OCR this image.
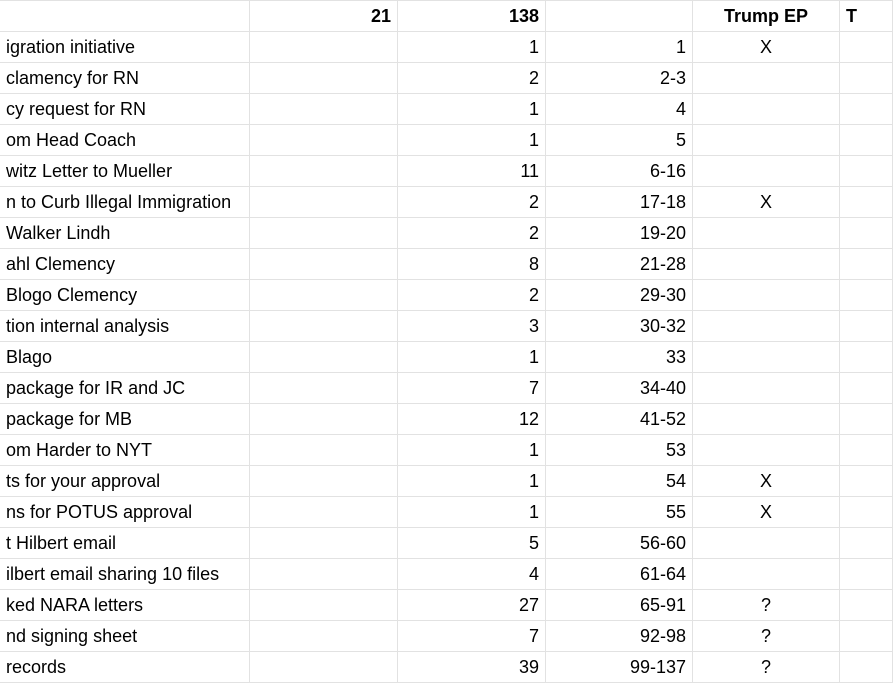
	21	138		Trump EP	T
igration initiative		1	1	X	
clamency for RN		2	2-3		
cy request for RN		1	4		
om Head Coach		1	5		
witz Letter to Mueller		11	6-16		
n to Curb Illegal Immigration		2	17-18	X	
Walker Lindh		2	19-20		
ahl Clemency		8	21-28		
Blogo Clemency		2	29-30		
tion internal analysis		3	30-32		
Blago		1	33		
package for IR and JC		7	34-40		
package for MB		12	41-52		
om Harder to NYT		1	53		
ts for your approval		1	54	X	
ns for POTUS approval		1	55	X	
t Hilbert email		5	56-60		
ilbert email sharing 10 files		4	61-64		
ked NARA letters		27	65-91	?	
nd signing sheet		7	92-98	?	
records		39	99-137	?	
